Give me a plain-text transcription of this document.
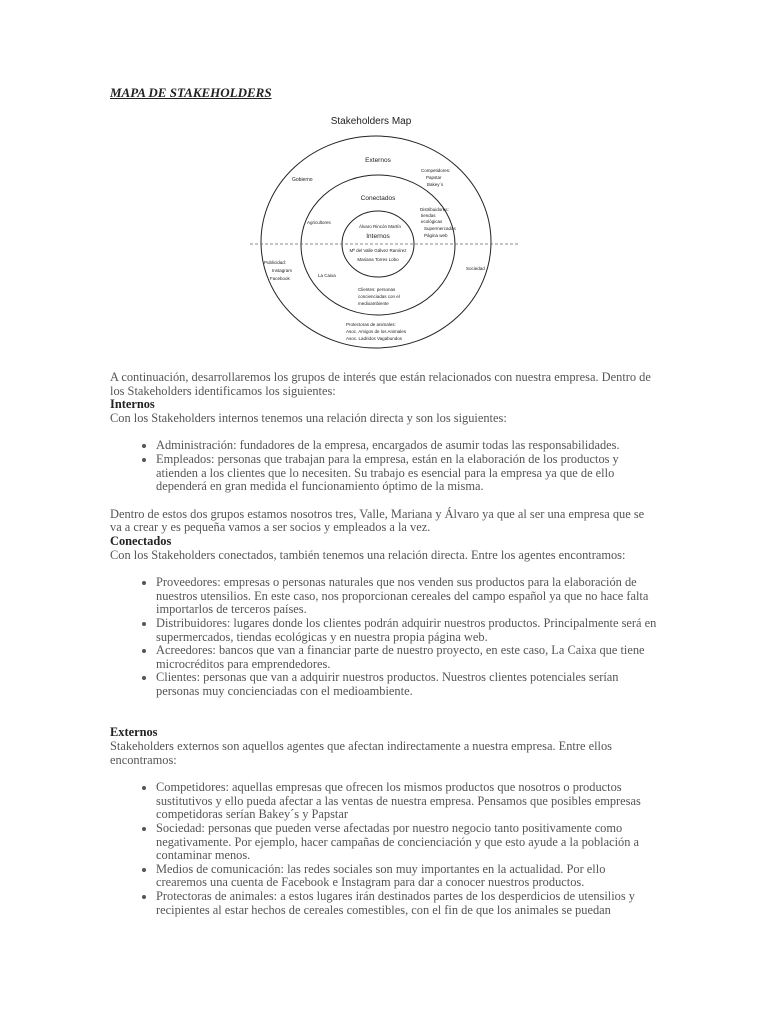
MAPA DE STAKEHOLDERS
Stakeholders Map
Externos
Conectados
Internos
Gobierno
Competidores:
Papstar
Bakey´s
Agricultores
Distribuidores:
tiendas
ecológicas
Supermercados
Página web
Álvaro Rincón Martín
Mª del Valle Gálvez Ramírez
Mariana Torres Lobo
Publicidad:
Instagram
Facebook
La Caixa
Sociedad
Clientes: personas
concienciadas con el
medioambiente
Protectoras de animales:
Asoc. Amigos de los Animales
Asoc. Ladridos Vagabundos

A continuación, desarrollaremos los grupos de interés que están relacionados con nuestra empresa. Dentro de los Stakeholders identificamos los siguientes:

Internos

Con los Stakeholders internos tenemos una relación directa y son los siguientes:

• Administración: fundadores de la empresa, encargados de asumir todas las responsabilidades.
• Empleados: personas que trabajan para la empresa, están en la elaboración de los productos y atienden a los clientes que lo necesiten. Su trabajo es esencial para la empresa ya que de ello dependerá en gran medida el funcionamiento óptimo de la misma.

Dentro de estos dos grupos estamos nosotros tres, Valle, Mariana y Álvaro ya que al ser una empresa que se va a crear y es pequeña vamos a ser socios y empleados a la vez.

Conectados

Con los Stakeholders conectados, también tenemos una relación directa. Entre los agentes encontramos:

• Proveedores: empresas o personas naturales que nos venden sus productos para la elaboración de nuestros utensilios. En este caso, nos proporcionan cereales del campo español ya que no hace falta importarlos de terceros países.
• Distribuidores: lugares donde los clientes podrán adquirir nuestros productos. Principalmente será en supermercados, tiendas ecológicas y en nuestra propia página web.
• Acreedores: bancos que van a financiar parte de nuestro proyecto, en este caso, La Caixa que tiene microcréditos para emprendedores.
• Clientes: personas que van a adquirir nuestros productos. Nuestros clientes potenciales serían personas muy concienciadas con el medioambiente.
Externos

Stakeholders externos son aquellos agentes que afectan indirectamente a nuestra empresa. Entre ellos encontramos:

• Competidores: aquellas empresas que ofrecen los mismos productos que nosotros o productos sustitutivos y ello pueda afectar a las ventas de nuestra empresa. Pensamos que posibles empresas competidoras serían Bakey´s y Papstar
• Sociedad: personas que pueden verse afectadas por nuestro negocio tanto positivamente como negativamente. Por ejemplo, hacer campañas de concienciación y que esto ayude a la población a contaminar menos.
• Medios de comunicación: las redes sociales son muy importantes en la actualidad. Por ello crearemos una cuenta de Facebook e Instagram para dar a conocer nuestros productos.
• Protectoras de animales: a estos lugares irán destinados partes de los desperdicios de utensilios y recipientes al estar hechos de cereales comestibles, con el fin de que los animales se puedan
